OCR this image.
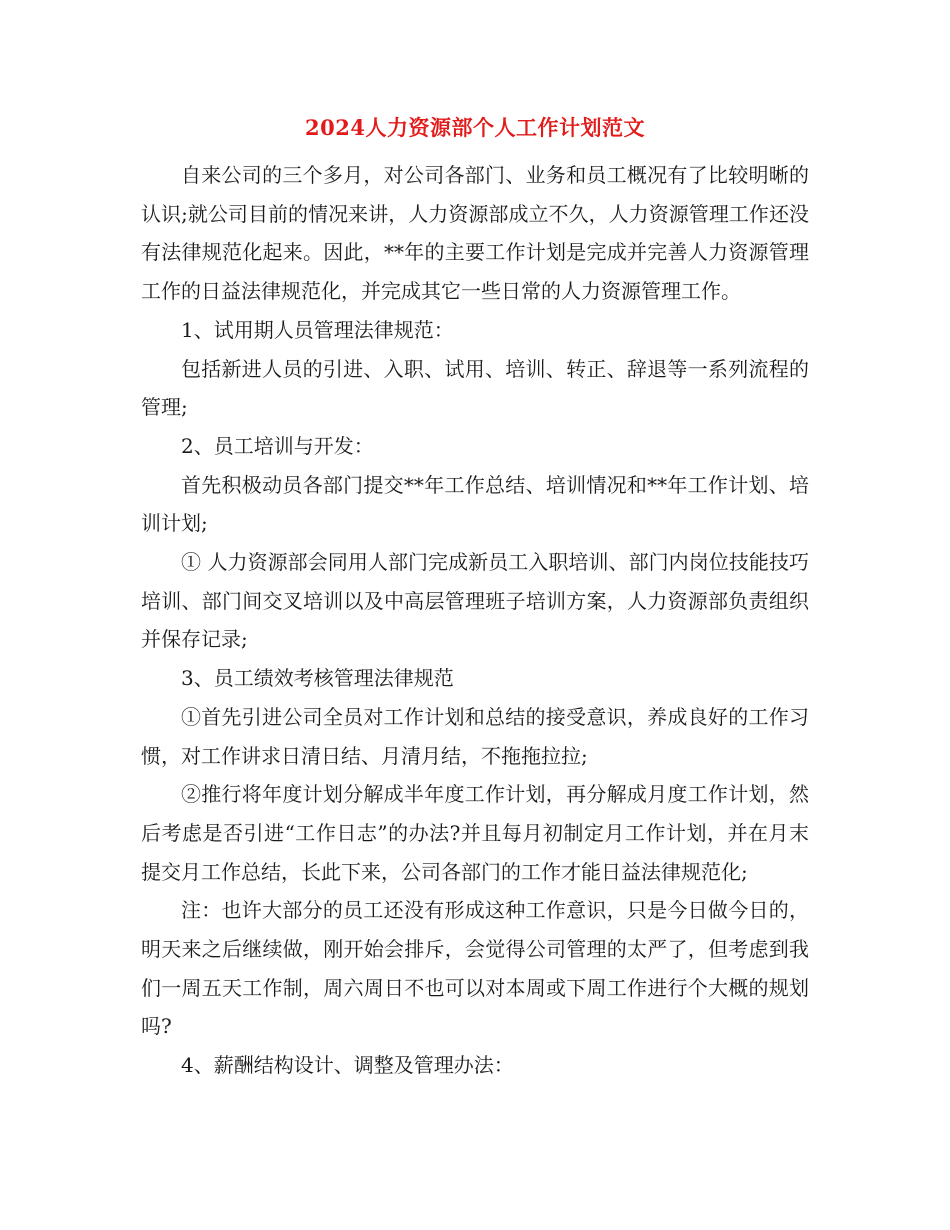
2024人力资源部个人工作计划范文

自来公司的三个多月，对公司各部门、业务和员工概况有了比较明晰的认识;就公司目前的情况来讲，人力资源部成立不久，人力资源管理工作还没有法律规范化起来。因此，**年的主要工作计划是完成并完善人力资源管理工作的日益法律规范化，并完成其它一些日常的人力资源管理工作。

1、试用期人员管理法律规范：

包括新进人员的引进、入职、试用、培训、转正、辞退等一系列流程的管理;

2、员工培训与开发：

首先积极动员各部门提交**年工作总结、培训情况和**年工作计划、培训计划;

① 人力资源部会同用人部门完成新员工入职培训、部门内岗位技能技巧培训、部门间交叉培训以及中高层管理班子培训方案，人力资源部负责组织并保存记录;

3、员工绩效考核管理法律规范

①首先引进公司全员对工作计划和总结的接受意识，养成良好的工作习惯，对工作讲求日清日结、月清月结，不拖拖拉拉;

②推行将年度计划分解成半年度工作计划，再分解成月度工作计划，然后考虑是否引进“工作日志”的办法?并且每月初制定月工作计划，并在月末提交月工作总结，长此下来，公司各部门的工作才能日益法律规范化;

注：也许大部分的员工还没有形成这种工作意识，只是今日做今日的，明天来之后继续做，刚开始会排斥，会觉得公司管理的太严了，但考虑到我们一周五天工作制，周六周日不也可以对本周或下周工作进行个大概的规划吗?

4、薪酬结构设计、调整及管理办法：
